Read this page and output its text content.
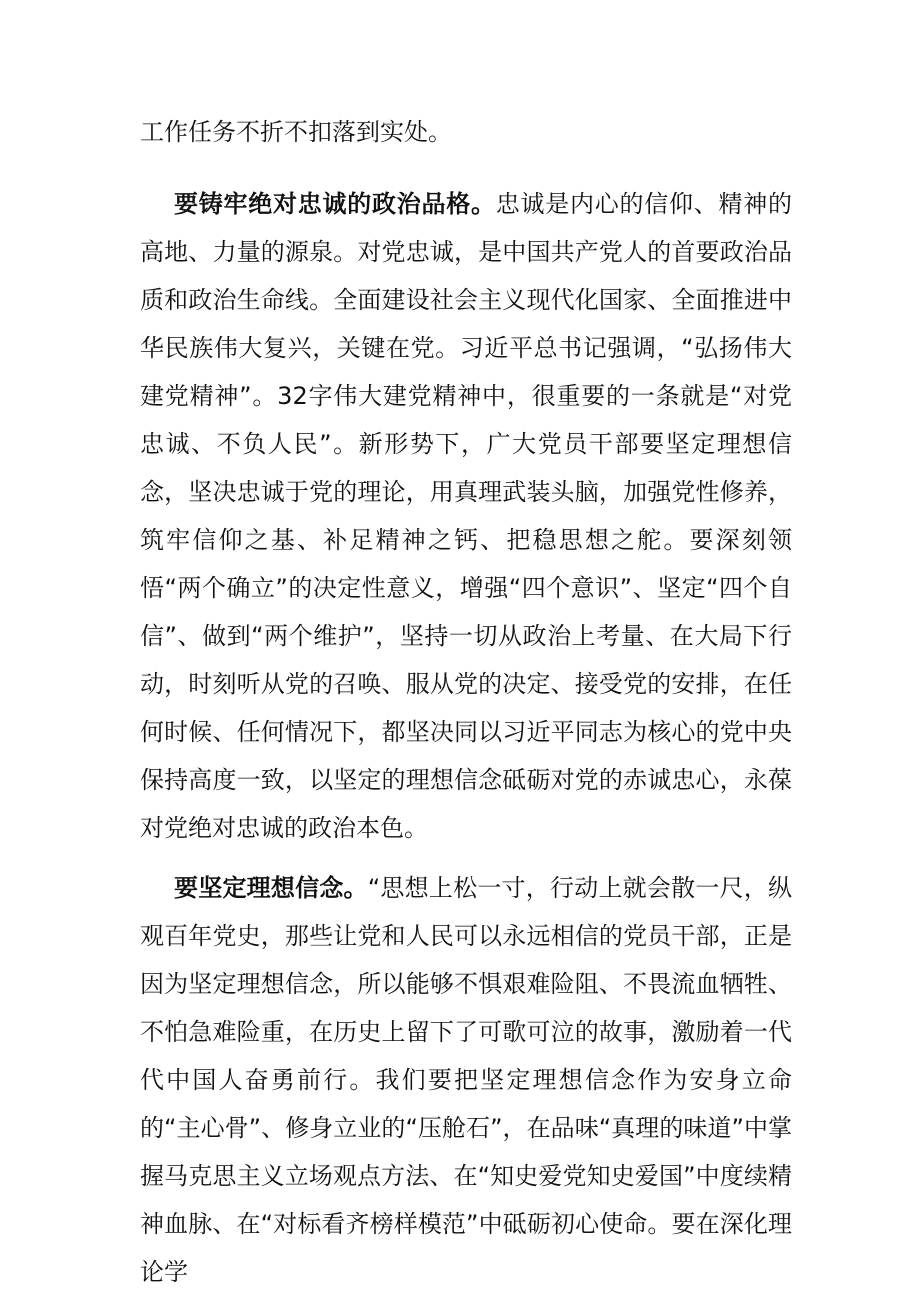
工作任务不折不扣落到实处。

要铸牢绝对忠诚的政治品格。忠诚是内心的信仰、精神的高地、力量的源泉。对党忠诚，是中国共产党人的首要政治品质和政治生命线。全面建设社会主义现代化国家、全面推进中华民族伟大复兴，关键在党。习近平总书记强调，“弘扬伟大建党精神”。32字伟大建党精神中，很重要的一条就是“对党忠诚、不负人民”。新形势下，广大党员干部要坚定理想信念，坚决忠诚于党的理论，用真理武装头脑，加强党性修养，筑牢信仰之基、补足精神之钙、把稳思想之舵。要深刻领悟“两个确立”的决定性意义，增强“四个意识”、坚定“四个自信”、做到“两个维护”，坚持一切从政治上考量、在大局下行动，时刻听从党的召唤、服从党的决定、接受党的安排，在任何时候、任何情况下，都坚决同以习近平同志为核心的党中央保持高度一致，以坚定的理想信念砥砺对党的赤诚忠心，永葆对党绝对忠诚的政治本色。

要坚定理想信念。“思想上松一寸，行动上就会散一尺，纵观百年党史，那些让党和人民可以永远相信的党员干部，正是因为坚定理想信念，所以能够不惧艰难险阻、不畏流血牺牲、不怕急难险重，在历史上留下了可歌可泣的故事，激励着一代代中国人奋勇前行。我们要把坚定理想信念作为安身立命的“主心骨”、修身立业的“压舱石”，在品味“真理的味道”中掌握马克思主义立场观点方法、在“知史爱党知史爱国”中度续精神血脉、在“对标看齐榜样模范”中砥砺初心使命。要在深化理论学
